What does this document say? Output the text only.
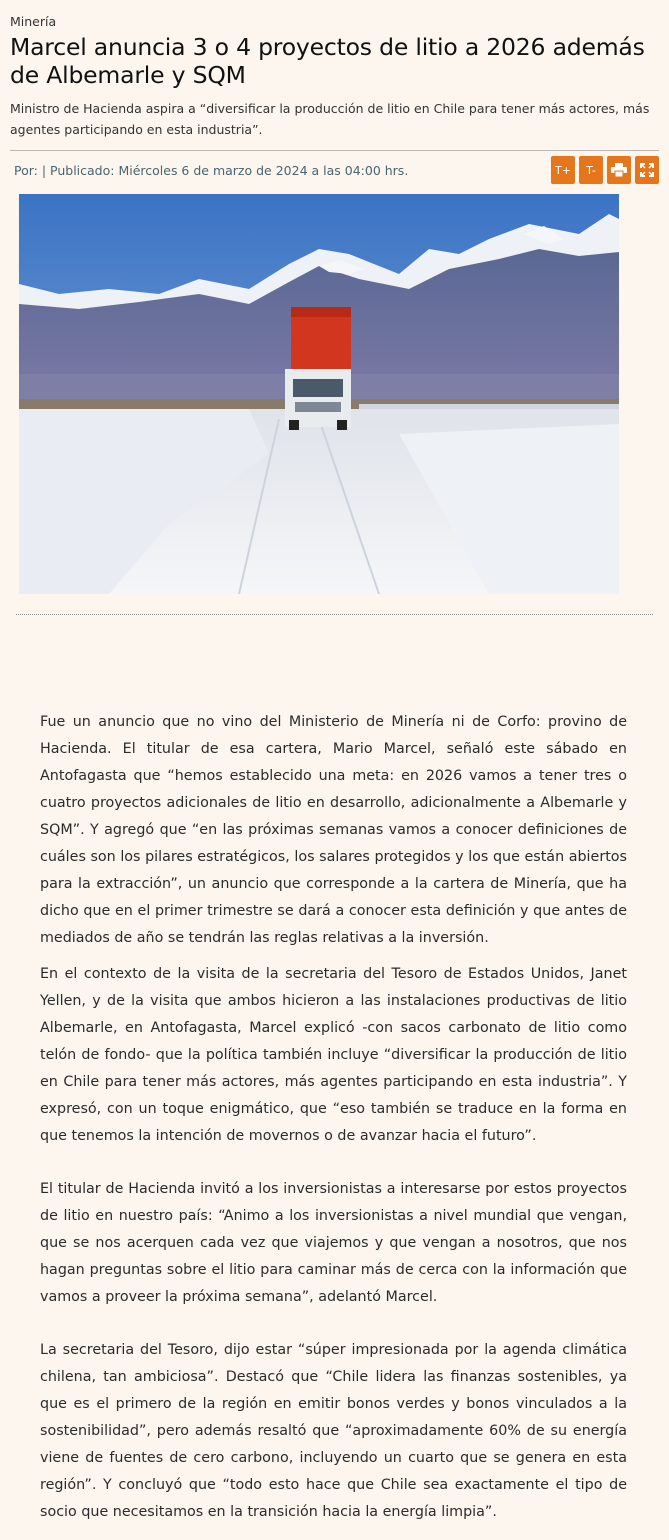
Minería
Marcel anuncia 3 o 4 proyectos de litio a 2026 además de Albemarle y SQM

Ministro de Hacienda aspira a “diversificar la producción de litio en Chile para tener más actores, más agentes participando en esta industria”.

Por: | Publicado: Miércoles 6 de marzo de 2024 a las 04:00 hrs.	T+	T-

Fue un anuncio que no vino del Ministerio de Minería ni de Corfo: provino de Hacienda. El titular de esa cartera, Mario Marcel, señaló este sábado en Antofagasta que “hemos establecido una meta: en 2026 vamos a tener tres o cuatro proyectos adicionales de litio en desarrollo, adicionalmente a Albemarle y SQM”. Y agregó que “en las próximas semanas vamos a conocer definiciones de cuáles son los pilares estratégicos, los salares protegidos y los que están abiertos para la extracción”, un anuncio que corresponde a la cartera de Minería, que ha dicho que en el primer trimestre se dará a conocer esta definición y que antes de mediados de año se tendrán las reglas relativas a la inversión.

En el contexto de la visita de la secretaria del Tesoro de Estados Unidos, Janet Yellen, y de la visita que ambos hicieron a las instalaciones productivas de litio Albemarle, en Antofagasta, Marcel explicó -con sacos carbonato de litio como telón de fondo- que la política también incluye “diversificar la producción de litio en Chile para tener más actores, más agentes participando en esta industria”. Y expresó, con un toque enigmático, que “eso también se traduce en la forma en que tenemos la intención de movernos o de avanzar hacia el futuro”.

El titular de Hacienda invitó a los inversionistas a interesarse por estos proyectos de litio en nuestro país: “Animo a los inversionistas a nivel mundial que vengan, que se nos acerquen cada vez que viajemos y que vengan a nosotros, que nos hagan preguntas sobre el litio para caminar más de cerca con la información que vamos a proveer la próxima semana”, adelantó Marcel.

La secretaria del Tesoro, dijo estar “súper impresionada por la agenda climática chilena, tan ambiciosa”. Destacó que “Chile lidera las finanzas sostenibles, ya que es el primero de la región en emitir bonos verdes y bonos vinculados a la sostenibilidad”, pero además resaltó que “aproximadamente 60% de su energía viene de fuentes de cero carbono, incluyendo un cuarto que se genera en esta región”. Y concluyó que “todo esto hace que Chile sea exactamente el tipo de socio que necesitamos en la transición hacia la energía limpia”.
